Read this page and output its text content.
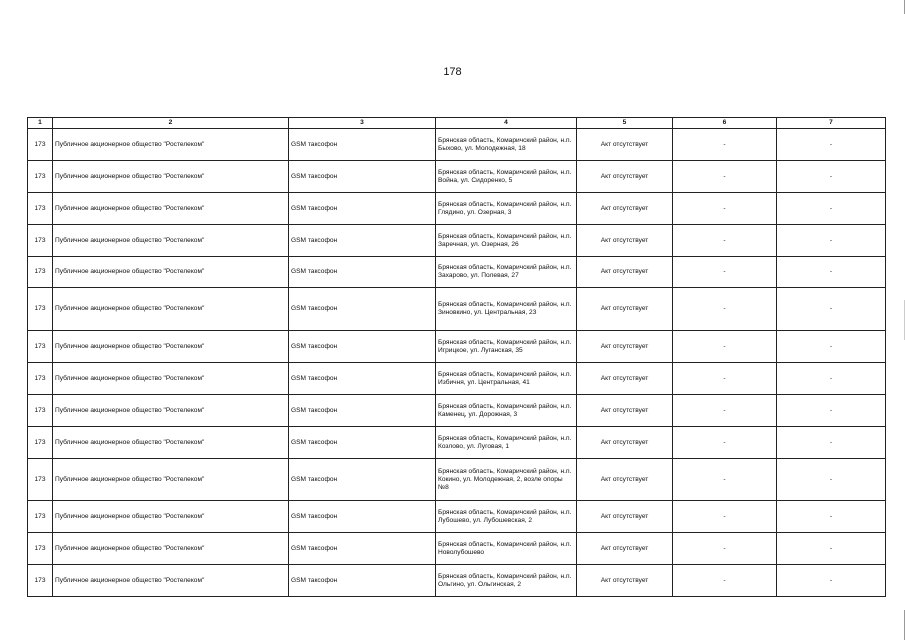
178
1	2	3	4	5	6	7
173	Публичное акционерное общество "Ростелеком"	GSM таксофон	Брянская область, Комаричский район, н.п. Быхово, ул. Молодежная, 18	Акт отсутствует	-	-
173	Публичное акционерное общество "Ростелеком"	GSM таксофон	Брянская область, Комаричский район, н.п. Война, ул. Сидоренко, 5	Акт отсутствует	-	-
173	Публичное акционерное общество "Ростелеком"	GSM таксофон	Брянская область, Комаричский район, н.п. Глядино, ул. Озерная, 3	Акт отсутствует	-	-
173	Публичное акционерное общество "Ростелеком"	GSM таксофон	Брянская область, Комаричский район, н.п. Заречная, ул. Озерная, 26	Акт отсутствует	-	-
173	Публичное акционерное общество "Ростелеком"	GSM таксофон	Брянская область, Комаричский район, н.п. Захарово, ул. Полевая, 27	Акт отсутствует	-	-
173	Публичное акционерное общество "Ростелеком"	GSM таксофон	Брянская область, Комаричский район, н.п. Зиновкино, ул. Центральная, 23	Акт отсутствует	-	-
173	Публичное акционерное общество "Ростелеком"	GSM таксофон	Брянская область, Комаричский район, н.п. Игрицкое, ул. Луганская, 35	Акт отсутствует	-	-
173	Публичное акционерное общество "Ростелеком"	GSM таксофон	Брянская область, Комаричский район, н.п. Избичня, ул. Центральная, 41	Акт отсутствует	-	-
173	Публичное акционерное общество "Ростелеком"	GSM таксофон	Брянская область, Комаричский район, н.п. Каменец, ул. Дорожная, 3	Акт отсутствует	-	-
173	Публичное акционерное общество "Ростелеком"	GSM таксофон	Брянская область, Комаричский район, н.п. Козлово, ул. Луговая, 1	Акт отсутствует	-	-
173	Публичное акционерное общество "Ростелеком"	GSM таксофон	Брянская область, Комаричский район, н.п. Кокино, ул. Молодежная, 2, возле опоры №8	Акт отсутствует	-	-
173	Публичное акционерное общество "Ростелеком"	GSM таксофон	Брянская область, Комаричский район, н.п. Лубошево, ул. Лубошевская, 2	Акт отсутствует	-	-
173	Публичное акционерное общество "Ростелеком"	GSM таксофон	Брянская область, Комаричский район, н.п. Новолубошево	Акт отсутствует	-	-
173	Публичное акционерное общество "Ростелеком"	GSM таксофон	Брянская область, Комаричский район, н.п. Ольгино, ул. Ольгинская, 2	Акт отсутствует	-	-
